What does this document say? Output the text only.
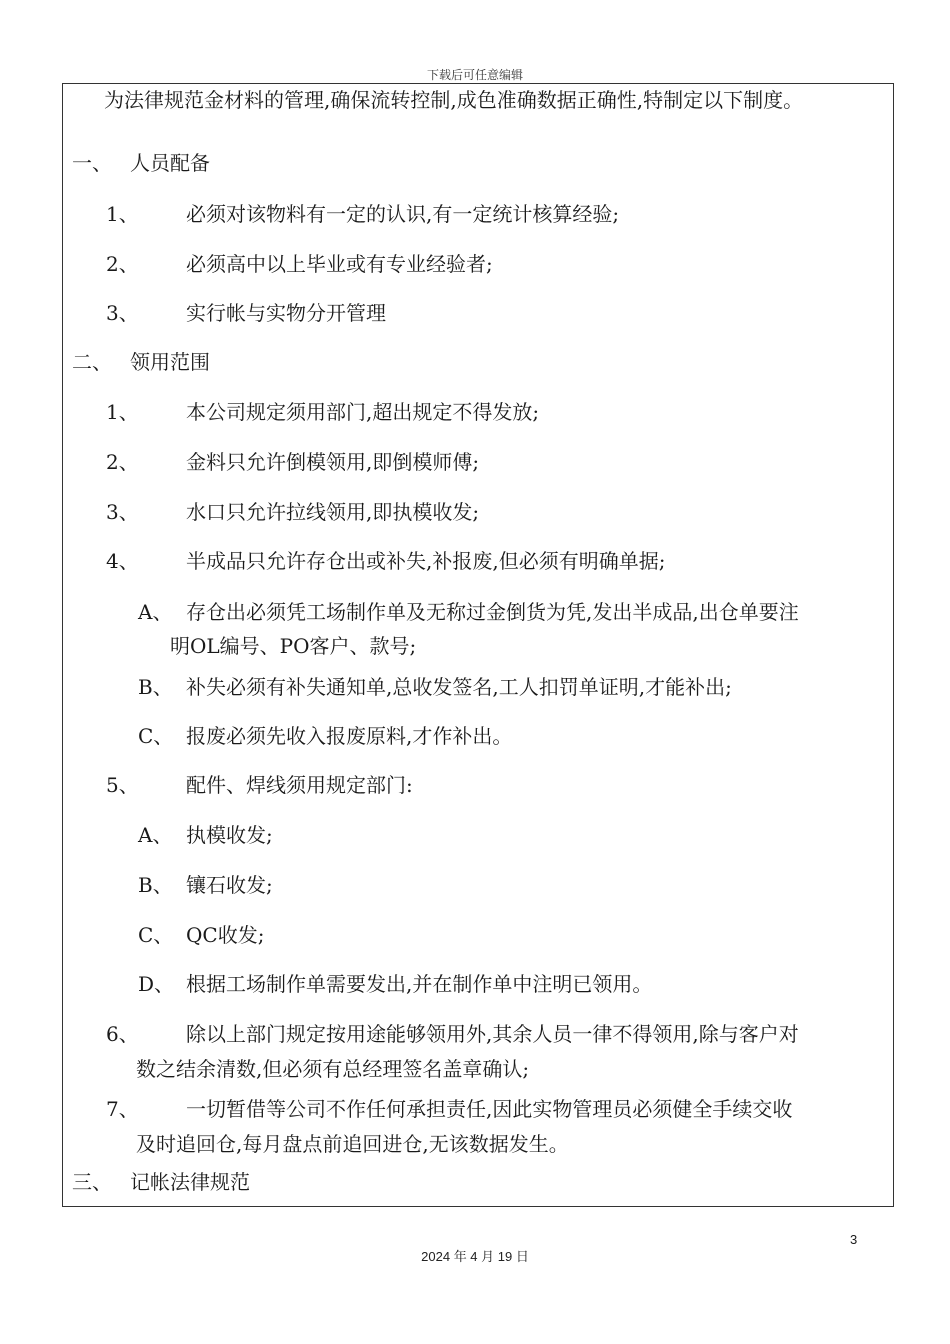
下载后可任意编辑
为法律规范金材料的管理,确保流转控制,成色准确数据正确性,特制定以下制度。
一、 人员配备
1、 必须对该物料有一定的认识,有一定统计核算经验;
2、 必须高中以上毕业或有专业经验者;
3、 实行帐与实物分开管理
二、 领用范围
1、 本公司规定须用部门,超出规定不得发放;
2、 金料只允许倒模领用,即倒模师傅;
3、 水口只允许拉线领用,即执模收发;
4、 半成品只允许存仓出或补失,补报废,但必须有明确单据;
A、 存仓出必须凭工场制作单及无称过金倒货为凭,发出半成品,出仓单要注
明OL编号、PO客户、款号;
B、 补失必须有补失通知单,总收发签名,工人扣罚单证明,才能补出;
C、 报废必须先收入报废原料,才作补出。
5、 配件、焊线须用规定部门:
A、 执模收发;
B、 镶石收发;
C、 QC收发;
D、 根据工场制作单需要发出,并在制作单中注明已领用。
6、 除以上部门规定按用途能够领用外,其余人员一律不得领用,除与客户对
数之结余清数,但必须有总经理签名盖章确认;
7、 一切暂借等公司不作任何承担责任,因此实物管理员必须健全手续交收
及时追回仓,每月盘点前追回进仓,无该数据发生。
三、 记帐法律规范
3
2024 年 4 月 19 日
